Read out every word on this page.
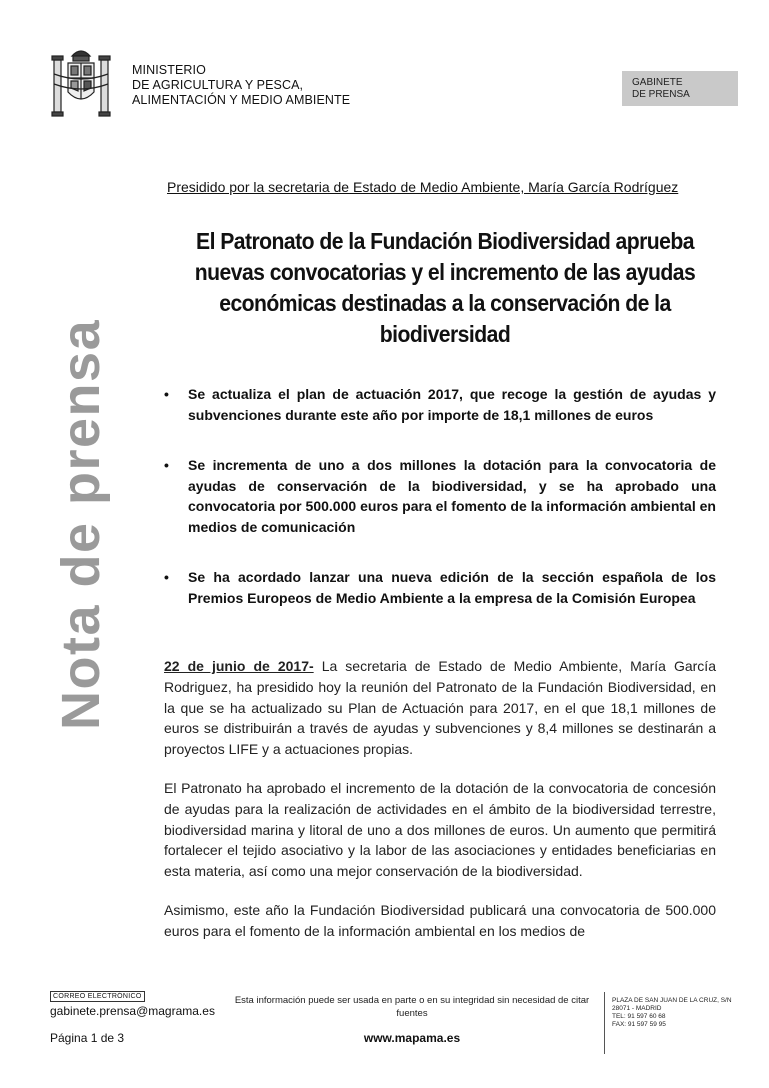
MINISTERIO
DE AGRICULTURA Y PESCA,
ALIMENTACIÓN Y MEDIO AMBIENTE
GABINETE
DE PRENSA
Nota de prensa
Presidido por la secretaria de Estado de Medio Ambiente, María García Rodríguez
El Patronato de la Fundación Biodiversidad aprueba
nuevas convocatorias y el incremento de las ayudas
económicas destinadas a la conservación de la
biodiversidad
• Se actualiza el plan de actuación 2017, que recoge la gestión de ayudas y subvenciones durante este año por importe de 18,1 millones de euros
• Se incrementa de uno a dos millones la dotación para la convocatoria de ayudas de conservación de la biodiversidad, y se ha aprobado una convocatoria por 500.000 euros para el fomento de la información ambiental en medios de comunicación
• Se ha acordado lanzar una nueva edición de la sección española de los Premios Europeos de Medio Ambiente a la empresa de la Comisión Europea

22 de junio de 2017- La secretaria de Estado de Medio Ambiente, María García Rodriguez, ha presidido hoy la reunión del Patronato de la Fundación Biodiversidad, en la que se ha actualizado su Plan de Actuación para 2017, en el que 18,1 millones de euros se distribuirán a través de ayudas y subvenciones y 8,4 millones se destinarán a proyectos LIFE y a actuaciones propias.

El Patronato ha aprobado el incremento de la dotación de la convocatoria de concesión de ayudas para la realización de actividades en el ámbito de la biodiversidad terrestre, biodiversidad marina y litoral de uno a dos millones de euros. Un aumento que permitirá fortalecer el tejido asociativo y la labor de las asociaciones y entidades beneficiarias en esta materia, así como una mejor conservación de la biodiversidad.

Asimismo, este año la Fundación Biodiversidad publicará una convocatoria de 500.000 euros para el fomento de la información ambiental en los medios de

CORREO ELECTRÓNICO
gabinete.prensa@magrama.es
Página 1 de 3
Esta información puede ser usada en parte o en su integridad sin necesidad de citar fuentes
www.mapama.es
PLAZA DE SAN JUAN DE LA CRUZ, S/N
28071 - MADRID
TEL: 91 597 60 68
FAX: 91 597 59 95
